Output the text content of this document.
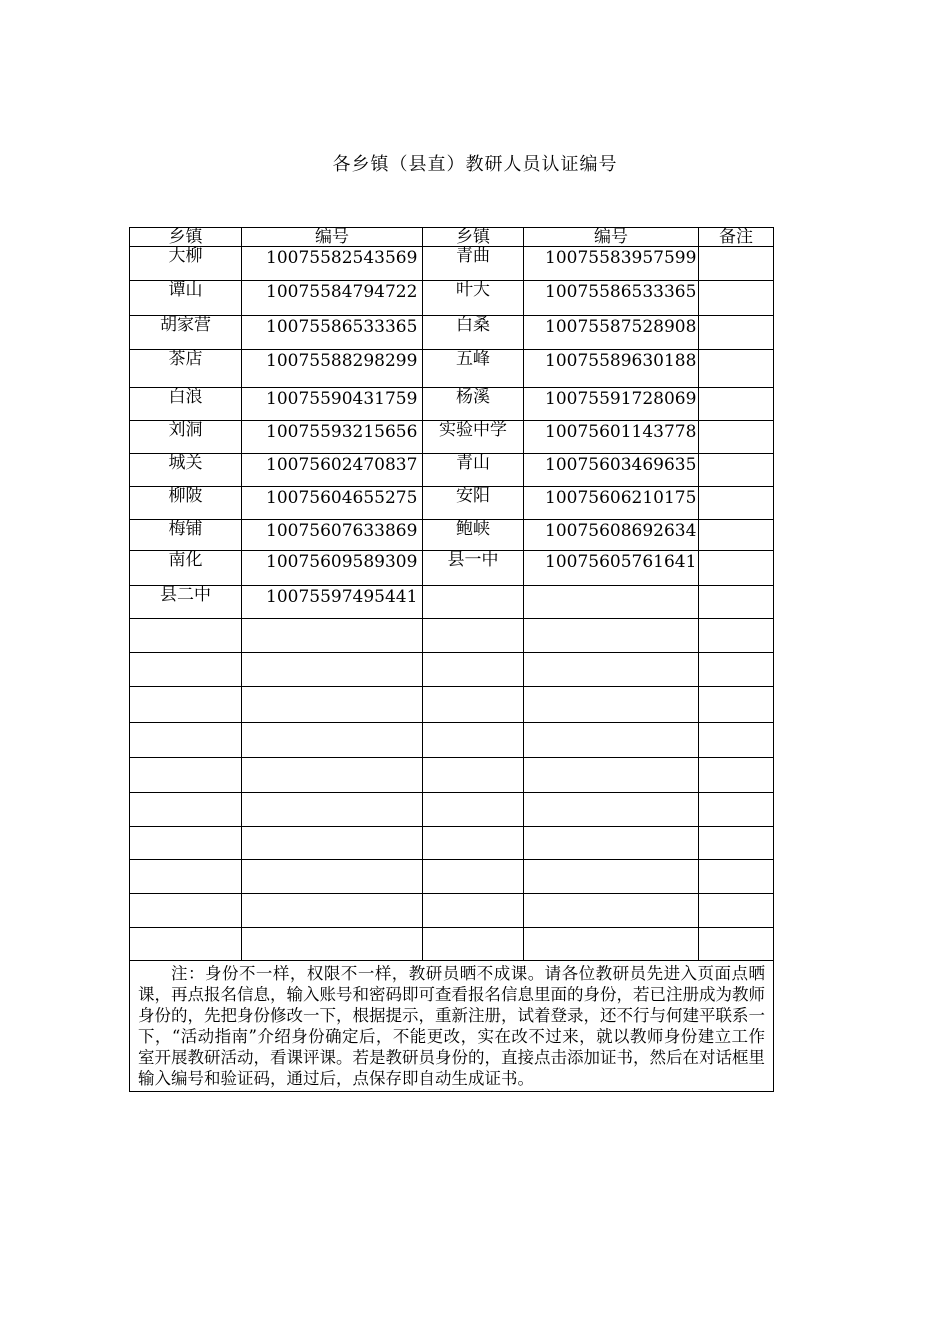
各乡镇（县直）教研人员认证编号
乡镇	编号	乡镇	编号	备注
大柳	10075582543569	青曲	10075583957599	
谭山	10075584794722	叶大	10075586533365	
胡家营	10075586533365	白桑	10075587528908	
茶店	10075588298299	五峰	10075589630188	
白浪	10075590431759	杨溪	10075591728069	
刘洞	10075593215656	实验中学	10075601143778	
城关	10075602470837	青山	10075603469635	
柳陂	10075604655275	安阳	10075606210175	
梅铺	10075607633869	鲍峡	10075608692634	
南化	10075609589309	县一中	10075605761641	
县二中	10075597495441			

注：身份不一样，权限不一样，教研员晒不成课。请各位教研员先进入页面点晒课，再点报名信息，输入账号和密码即可查看报名信息里面的身份，若已注册成为教师身份的，先把身份修改一下，根据提示，重新注册，试着登录，还不行与何建平联系一下，“活动指南”介绍身份确定后，不能更改，实在改不过来，就以教师身份建立工作室开展教研活动，看课评课。若是教研员身份的，直接点击添加证书，然后在对话框里输入编号和验证码，通过后，点保存即自动生成证书。				
